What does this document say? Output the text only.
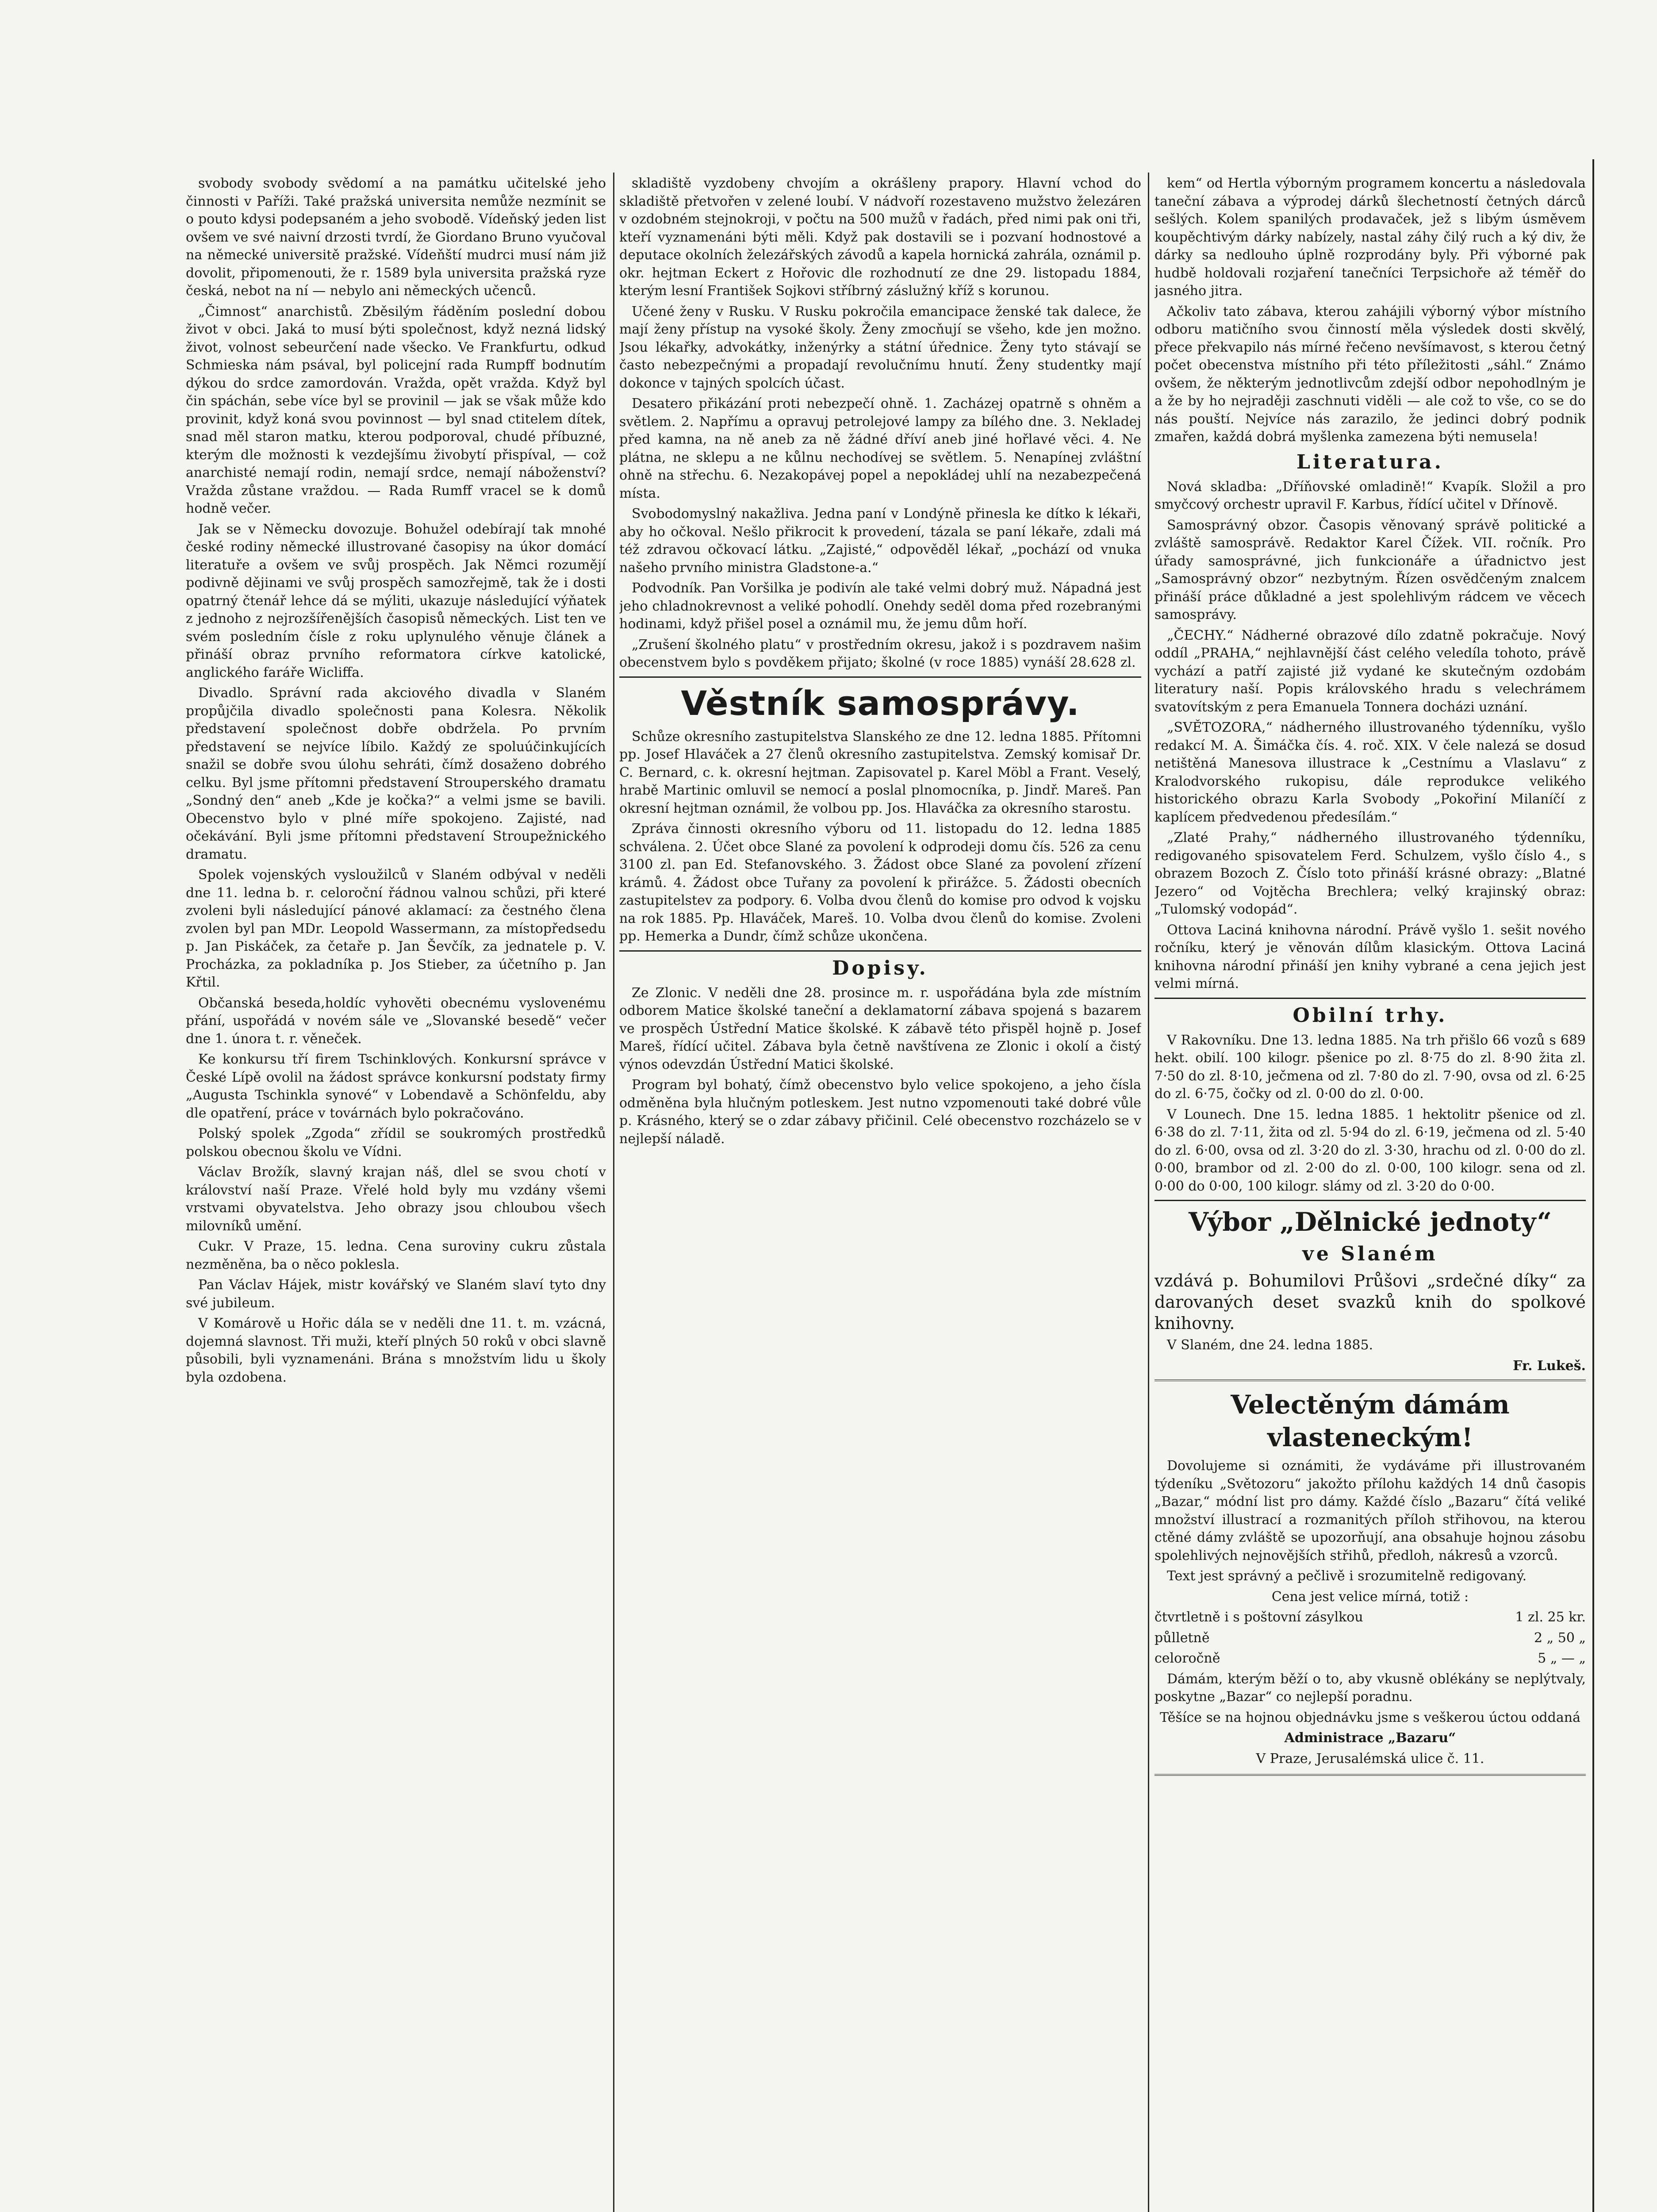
svobody svobody svědomí a na památku učitelské jeho činnosti v Paříži. Také pražská universita nemůže nezmínit se o pouto kdysi podepsaném a jeho svobodě. Vídeňský jeden list ovšem ve své naivní drzosti tvrdí, že Giordano Bruno vyučoval na německé universitě pražské. Vídeňští mudrci musí nám již dovolit, připomenouti, že r. 1589 byla universita pražská ryze česká, nebot na ní — nebylo ani německých učenců.

„Čimnost“ anarchistů. Zběsilým řáděním poslední dobou život v obci. Jaká to musí býti společnost, když nezná lidský život, volnost sebeurčení nade všecko. Ve Frankfurtu, odkud Schmieska nám psával, byl policejní rada Rumpff bodnutím dýkou do srdce zamordován. Vražda, opět vražda. Když byl čin spáchán, sebe více byl se provinil — jak se však může kdo provinit, když koná svou povinnost — byl snad ctitelem dítek, snad měl staron matku, kterou podporoval, chudé příbuzné, kterým dle možnosti k vezdejšímu živobytí přispíval, — což anarchisté nemají rodin, nemají srdce, nemají náboženství? Vražda zůstane vraždou. — Rada Rumff vracel se k domů hodně večer.

Jak se v Německu dovozuje. Bohužel odebírají tak mnohé české rodiny německé illustrované časopisy na úkor domácí literatuře a ovšem ve svůj prospěch. Jak Němci rozumějí podivně dějinami ve svůj prospěch samozřejmě, tak že i dosti opatrný čtenář lehce dá se mýliti, ukazuje následující výňatek z jednoho z nejrozšířenějších časopisů německých. List ten ve svém posledním čísle z roku uplynulého věnuje článek a přináší obraz prvního reformatora církve katolické, anglického faráře Wicliffa.

Divadlo. Správní rada akciového divadla v Slaném propůjčila divadlo společnosti pana Kolesra. Několik představení společnost dobře obdržela. Po prvním představení se nejvíce líbilo. Každý ze spoluúčinkujících snažil se dobře svou úlohu sehráti, čímž dosaženo dobrého celku. Byl jsme přítomni představení Strouperského dramatu „Sondný den“ aneb „Kde je kočka?“ a velmi jsme se bavili. Obecenstvo bylo v plné míře spokojeno. Zajisté, nad očekávání. Byli jsme přítomni představení Stroupežnického dramatu.

Spolek vojenských vysloužilců v Slaném odbýval v neděli dne 11. ledna b. r. celoroční řádnou valnou schůzi, při které zvoleni byli následující pánové aklamací: za čestného člena zvolen byl pan MDr. Leopold Wassermann, za místopředsedu p. Jan Piskáček, za četaře p. Jan Ševčík, za jednatele p. V. Procházka, za pokladníka p. Jos Stieber, za účetního p. Jan Křtil.

Občanská beseda,holdíc vyhověti obecnému vyslovenému přání, uspořádá v novém sále ve „Slovanské besedě“ večer dne 1. února t. r. věneček.

Ke konkursu tří firem Tschinklových. Konkursní správce v České Lípě ovolil na žádost správce konkursní podstaty firmy „Augusta Tschinkla synové“ v Lobendavě a Schönfeldu, aby dle opatření, práce v továrnách bylo pokračováno.

Polský spolek „Zgoda“ zřídil se soukromých prostředků polskou obecnou školu ve Vídni.

Václav Brožík, slavný krajan náš, dlel se svou chotí v království naší Praze. Vřelé hold byly mu vzdány všemi vrstvami obyvatelstva. Jeho obrazy jsou chloubou všech milovníků umění.

Cukr. V Praze, 15. ledna. Cena suroviny cukru zůstala nezměněna, ba o něco poklesla.

Pan Václav Hájek, mistr kovářský ve Slaném slaví tyto dny své jubileum.

V Komárově u Hořic dála se v neděli dne 11. t. m. vzácná, dojemná slavnost. Tři muži, kteří plných 50 roků v obci slavně působili, byli vyznamenáni. Brána s množstvím lidu u školy byla ozdobena.

skladiště vyzdobeny chvojím a okrášleny prapory. Hlavní vchod do skladiště přetvořen v zelené loubí. V nádvoří rozestaveno mužstvo železáren v ozdobném stejnokroji, v počtu na 500 mužů v řadách, před nimi pak oni tři, kteří vyznamenáni býti měli. Když pak dostavili se i pozvaní hodnostové a deputace okolních železářských závodů a kapela hornická zahrála, oznámil p. okr. hejtman Eckert z Hořovic dle rozhodnutí ze dne 29. listopadu 1884, kterým lesní František Sojkovi stříbrný záslužný kříž s korunou.

Učené ženy v Rusku. V Rusku pokročila emancipace ženské tak dalece, že mají ženy přístup na vysoké školy. Ženy zmocňují se všeho, kde jen možno. Jsou lékařky, advokátky, inženýrky a státní úřednice. Ženy tyto stávají se často nebezpečnými a propadají revolučnímu hnutí. Ženy studentky mají dokonce v tajných spolcích účast.

Desatero přikázání proti nebezpečí ohně. 1. Zacházej opatrně s ohněm a světlem. 2. Napřímu a opravuj petrolejové lampy za bílého dne. 3. Nekladej před kamna, na ně aneb za ně žádné dříví aneb jiné hořlavé věci. 4. Ne plátna, ne sklepu a ne kůlnu nechodívej se světlem. 5. Nenapínej zvláštní ohně na střechu. 6. Nezakopávej popel a nepokládej uhlí na nezabezpečená místa.

Svobodomyslný nakažliva. Jedna paní v Londýně přinesla ke dítko k lékaři, aby ho očkoval. Nešlo přikrocit k provedení, tázala se paní lékaře, zdali má též zdravou očkovací látku. „Zajisté,“ odpověděl lékař, „pochází od vnuka našeho prvního ministra Gladstone-a.“

Podvodník. Pan Voršilka je podivín ale také velmi dobrý muž. Nápadná jest jeho chladnokrevnost a veliké pohodlí. Onehdy seděl doma před rozebranými hodinami, když přišel posel a oznámil mu, že jemu dům hoří.

„Zrušení školného platu“ v prostředním okresu, jakož i s pozdravem našim obecenstvem bylo s povděkem přijato; školné (v roce 1885) vynáší 28.628 zl.

Věstník samosprávy.

Schůze okresního zastupitelstva Slanského ze dne 12. ledna 1885. Přítomni pp. Josef Hlaváček a 27 členů okresního zastupitelstva. Zemský komisař Dr. C. Bernard, c. k. okresní hejtman. Zapisovatel p. Karel Möbl a Frant. Veselý, hrabě Martinic omluvil se nemocí a poslal plnomocníka, p. Jindř. Mareš. Pan okresní hejtman oznámil, že volbou pp. Jos. Hlaváčka za okresního starostu.

Zpráva činnosti okresního výboru od 11. listopadu do 12. ledna 1885 schválena. 2. Účet obce Slané za povolení k odprodeji domu čís. 526 za cenu 3100 zl. pan Ed. Stefanovského. 3. Žádost obce Slané za povolení zřízení krámů. 4. Žádost obce Tuřany za povolení k přirážce. 5. Žádosti obecních zastupitelstev za podpory. 6. Volba dvou členů do komise pro odvod k vojsku na rok 1885. Pp. Hlaváček, Mareš. 10. Volba dvou členů do komise. Zvoleni pp. Hemerka a Dundr, čímž schůze ukončena.

Dopisy.

Ze Zlonic. V neděli dne 28. prosince m. r. uspořádána byla zde místním odborem Matice školské taneční a deklamatorní zábava spojená s bazarem ve prospěch Ústřední Matice školské. K zábavě této přispěl hojně p. Josef Mareš, řídící učitel. Zábava byla četně navštívena ze Zlonic i okolí a čistý výnos odevzdán Ústřední Matici školské.

Program byl bohatý, čímž obecenstvo bylo velice spokojeno, a jeho čísla odměněna byla hlučným potleskem. Jest nutno vzpomenouti také dobré vůle p. Krásného, který se o zdar zábavy přičinil. Celé obecenstvo rozcházelo se v nejlepší náladě.

kem“ od Hertla výborným programem koncertu a následovala taneční zábava a výprodej dárků šlechetností četných dárců sešlých. Kolem spanilých prodavaček, jež s libým úsměvem koupěchtivým dárky nabízely, nastal záhy čilý ruch a ký div, že dárky sa nedlouho úplně rozprodány byly. Při výborné pak hudbě holdovali rozjaření tanečníci Terpsichoře až téměř do jasného jitra.

Ačkoliv tato zábava, kterou zahájili výborný výbor místního odboru matičního svou činností měla výsledek dosti skvělý, přece překvapilo nás mírné řečeno nevšímavost, s kterou četný počet obecenstva místního při této příležitosti „sáhl.“ Známo ovšem, že některým jednotlivcům zdejší odbor nepohodlným je a že by ho nejraději zaschnuti viděli — ale což to vše, co se do nás pouští. Nejvíce nás zarazilo, že jedinci dobrý podnik zmařen, každá dobrá myšlenka zamezena býti nemusela!

Literatura.

Nová skladba: „Dříňovské omladině!“ Kvapík. Složil a pro smyčcový orchestr upravil F. Karbus, řídící učitel v Dřínově.

Samosprávný obzor. Časopis věnovaný správě politické a zvláště samosprávě. Redaktor Karel Čížek. VII. ročník. Pro úřady samosprávné, jich funkcionáře a úřadnictvo jest „Samosprávný obzor“ nezbytným. Řízen osvědčeným znalcem přináší práce důkladné a jest spolehlivým rádcem ve věcech samosprávy.

„ČECHY.“ Nádherné obrazové dílo zdatně pokračuje. Nový oddíl „PRAHA,“ nejhlavnější část celého veledíla tohoto, právě vychází a patří zajisté již vydané ke skutečným ozdobám literatury naší. Popis královského hradu s velechrámem svatovítským z pera Emanuela Tonnera docházi uznání.

„SVĚTOZORA,“ nádherného illustrovaného týdenníku, vyšlo redakcí M. A. Šimáčka čís. 4. roč. XIX. V čele nalezá se dosud netištěná Manesova illustrace k „Cestnímu a Vlaslavu“ z Kralodvorského rukopisu, dále reprodukce velikého historického obrazu Karla Svobody „Pokořiní Milaníčí z kaplícem předvedenou předesílám.“

„Zlaté Prahy,“ nádherného illustrovaného týdenníku, redigovaného spisovatelem Ferd. Schulzem, vyšlo číslo 4., s obrazem Bozoch Z. Číslo toto přináší krásné obrazy: „Blatné Jezero“ od Vojtěcha Brechlera; velký krajinský obraz: „Tulomský vodopád“.

Ottova Laciná knihovna národní. Právě vyšlo 1. sešit nového ročníku, který je věnován dílům klasickým. Ottova Laciná knihovna národní přináší jen knihy vybrané a cena jejich jest velmi mírná.

Obilní trhy.

V Rakovníku. Dne 13. ledna 1885. Na trh přišlo 66 vozů s 689 hekt. obilí. 100 kilogr. pšenice po zl. 8·75 do zl. 8·90 žita zl. 7·50 do zl. 8·10, ječmena od zl. 7·80 do zl. 7·90, ovsa od zl. 6·25 do zl. 6·75, čočky od zl. 0·00 do zl. 0·00.

V Lounech. Dne 15. ledna 1885. 1 hektolitr pšenice od zl. 6·38 do zl. 7·11, žita od zl. 5·94 do zl. 6·19, ječmena od zl. 5·40 do zl. 6·00, ovsa od zl. 3·20 do zl. 3·30, hrachu od zl. 0·00 do zl. 0·00, brambor od zl. 2·00 do zl. 0·00, 100 kilogr. sena od zl. 0·00 do 0·00, 100 kilogr. slámy od zl. 3·20 do 0·00.

Výbor „Dělnické jednoty“
ve Slaném

vzdává p. Bohumilovi Průšovi „srdečné díky“ za darovaných deset svazků knih do spolkové knihovny.

V Slaném, dne 24. ledna 1885.

Fr. Lukeš.

Velectěným dámám vlasteneckým!

Dovolujeme si oznámiti, že vydáváme při illustrovaném týdeníku „Světozoru“ jakožto přílohu každých 14 dnů časopis „Bazar,“ módní list pro dámy. Každé číslo „Bazaru“ čítá veliké množství illustrací a rozmanitých příloh střihovou, na kterou ctěné dámy zvláště se upozorňují, ana obsahuje hojnou zásobu spolehlivých nejnovějších střihů, předloh, nákresů a vzorců.

Text jest správný a pečlivě i srozumitelně redigovaný.

Cena jest velice mírná, totiž :

čtvrtletně i s poštovní zásylkou	1 zl. 25 kr.

půlletně	2 „ 50 „

celoročně	5 „ — „

Dámám, kterým běží o to, aby vkusně oblékány se neplýtvaly, poskytne „Bazar“ co nejlepší poradnu.

Těšíce se na hojnou objednávku jsme s veškerou úctou oddaná

Administrace „Bazaru“

V Praze, Jerusalémská ulice č. 11.
